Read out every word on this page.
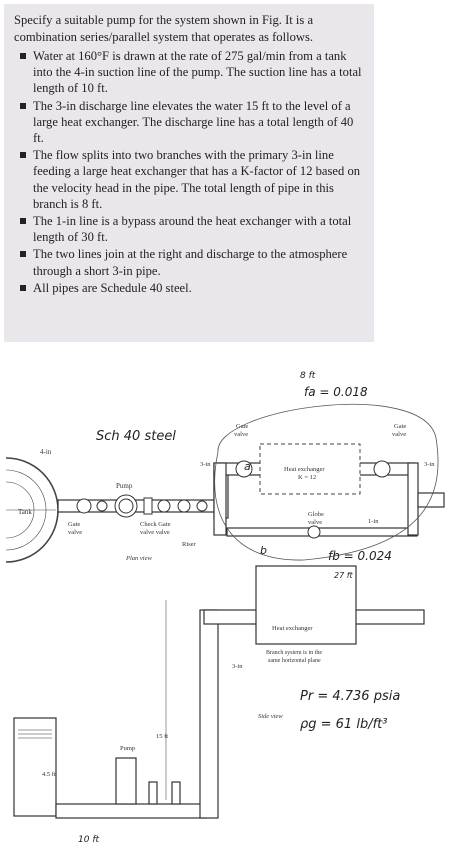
Specify a suitable pump for the system shown in Fig. It is a combination series/parallel system that operates as follows.

Water at 160°F is drawn at the rate of 275 gal/min from a tank into the 4-in suction line of the pump. The suction line has a total length of 10 ft.
The 3-in discharge line elevates the water 15 ft to the level of a large heat exchanger. The discharge line has a total length of 40 ft.
The flow splits into two branches with the primary 3-in line feeding a large heat exchanger that has a K-factor of 12 based on the velocity head in the pipe. The total length of pipe in this branch is 8 ft.
The 1-in line is a bypass around the heat exchanger with a total length of 30 ft.
The two lines join at the right and discharge to the atmosphere through a short 3-in pipe.
All pipes are Schedule 40 steel.
Tank
4-in
Pump
Gate valve
Check Gate valve valve
Plan view
Riser
3-in	3-in
Gate valve
Gate valve
Heat exchanger K = 12
Globe valve	1-in
4.5 ft
Pump
15 ft
3-in
Heat exchanger
Branch system is in the same horizontal plane
Side view
Sch 40 steel
8 ft
fa = 0.018
a
b	fb = 0.024
27 ft
Pr = 4.736 psia
ρg = 61 lb/ft³
10 ft
